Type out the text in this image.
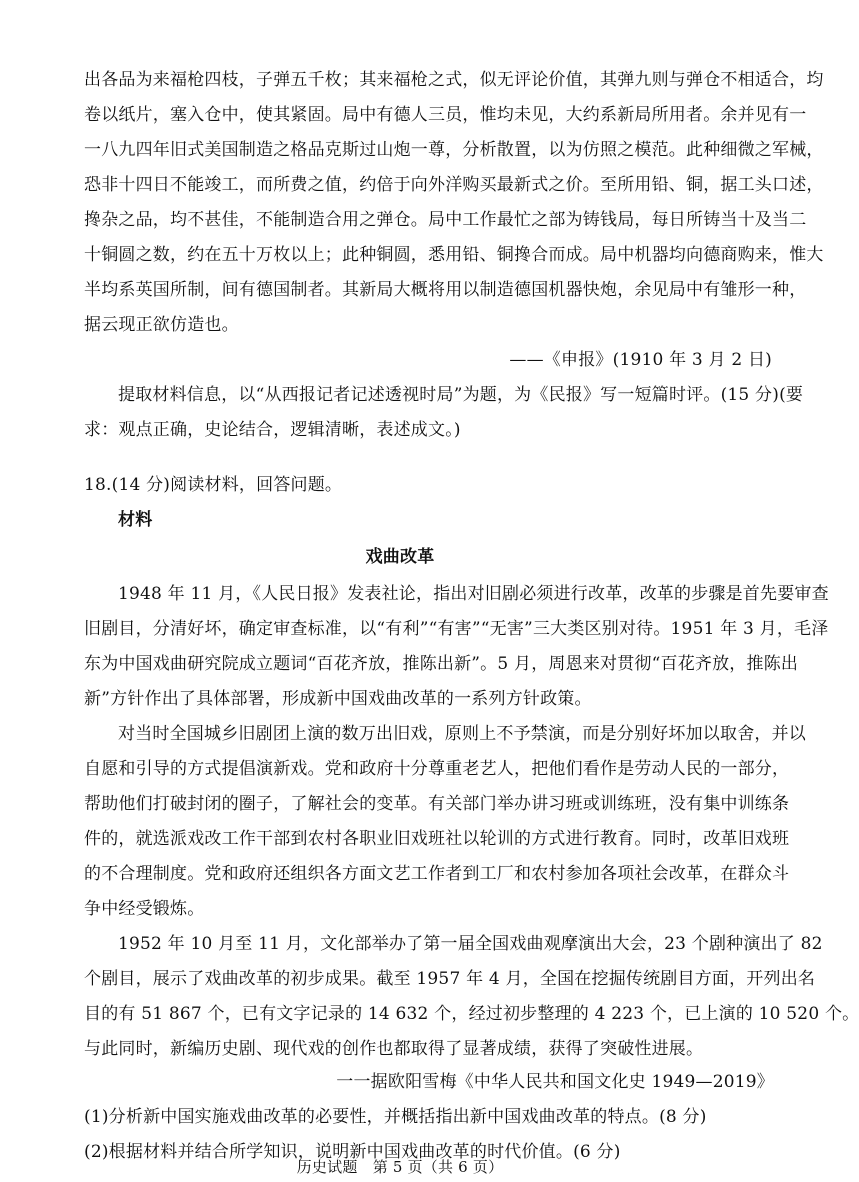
出各品为来福枪四枝，子弹五千枚；其来福枪之式，似无评论价值，其弹九则与弹仓不相适合，均
卷以纸片，塞入仓中，使其紧固。局中有德人三员，惟均未见，大约系新局所用者。余并见有一
一八九四年旧式美国制造之格品克斯过山炮一尊，分析散置，以为仿照之模范。此种细微之军械，
恐非十四日不能竣工，而所费之值，约倍于向外洋购买最新式之价。至所用铅、铜，据工头口述，
搀杂之品，均不甚佳，不能制造合用之弹仓。局中工作最忙之部为铸钱局，每日所铸当十及当二
十铜圆之数，约在五十万枚以上；此种铜圆，悉用铅、铜搀合而成。局中机器均向德商购来，惟大
半均系英国所制，间有德国制者。其新局大概将用以制造德国机器快炮，余见局中有雏形一种，
据云现正欲仿造也。
——《申报》(1910 年 3 月 2 日)
提取材料信息，以“从西报记者记述透视时局”为题，为《民报》写一短篇时评。(15 分)(要
求：观点正确，史论结合，逻辑清晰，表述成文。)
18.(14 分)阅读材料，回答问题。
材料
戏曲改革
1948 年 11 月，《人民日报》发表社论，指出对旧剧必须进行改革，改革的步骤是首先要审查
旧剧目，分清好坏，确定审查标准，以“有利”“有害”“无害”三大类区别对待。1951 年 3 月，毛泽
东为中国戏曲研究院成立题词“百花齐放，推陈出新”。5 月，周恩来对贯彻“百花齐放，推陈出
新”方针作出了具体部署，形成新中国戏曲改革的一系列方针政策。
对当时全国城乡旧剧团上演的数万出旧戏，原则上不予禁演，而是分别好坏加以取舍，并以
自愿和引导的方式提倡演新戏。党和政府十分尊重老艺人，把他们看作是劳动人民的一部分，
帮助他们打破封闭的圈子，了解社会的变革。有关部门举办讲习班或训练班，没有集中训练条
件的，就选派戏改工作干部到农村各职业旧戏班社以轮训的方式进行教育。同时，改革旧戏班
的不合理制度。党和政府还组织各方面文艺工作者到工厂和农村参加各项社会改革，在群众斗
争中经受锻炼。
1952 年 10 月至 11 月，文化部举办了第一届全国戏曲观摩演出大会，23 个剧种演出了 82
个剧目，展示了戏曲改革的初步成果。截至 1957 年 4 月，全国在挖掘传统剧目方面，开列出名
目的有 51 867 个，已有文字记录的 14 632 个，经过初步整理的 4 223 个，已上演的 10 520 个。
与此同时，新编历史剧、现代戏的创作也都取得了显著成绩，获得了突破性进展。
一一据欧阳雪梅《中华人民共和国文化史 1949—2019》
(1)分析新中国实施戏曲改革的必要性，并概括指出新中国戏曲改革的特点。(8 分)
(2)根据材料并结合所学知识，说明新中国戏曲改革的时代价值。(6 分)
历史试题　第 5 页（共 6 页）
